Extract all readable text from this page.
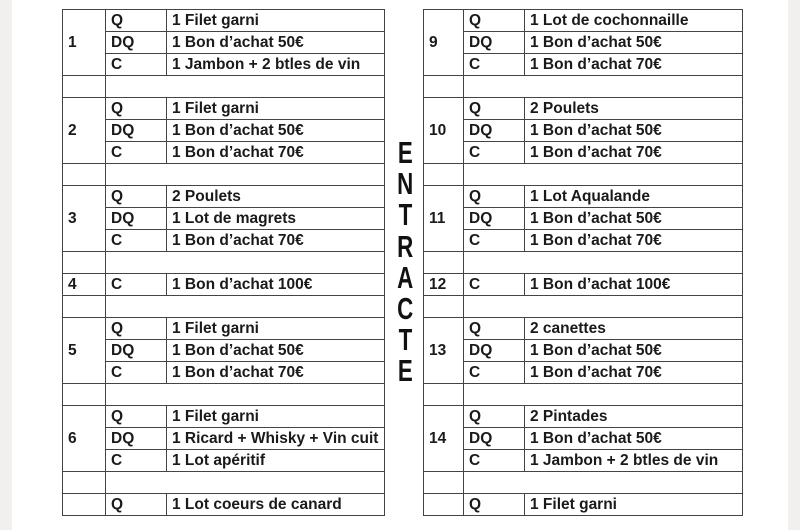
1	Q	1 Filet garni
	DQ	1 Bon d’achat 50€
	C	1 Jambon + 2 btles de vin

2	Q	1 Filet garni
	DQ	1 Bon d’achat 50€
	C	1 Bon d’achat 70€

3	Q	2 Poulets
	DQ	1 Lot de magrets
	C	1 Bon d’achat 70€

4	C	1 Bon d’achat 100€

5	Q	1 Filet garni
	DQ	1 Bon d’achat 50€
	C	1 Bon d’achat 70€

6	Q	1 Filet garni
	DQ	1 Ricard + Whisky + Vin cuit
	C	1 Lot apéritif

	Q	1 Lot coeurs de canard
E
N
T
R
A
C
T
E
9	Q	1 Lot de cochonnaille
	DQ	1 Bon d’achat 50€
	C	1 Bon d’achat 70€

10	Q	2 Poulets
	DQ	1 Bon d’achat 50€
	C	1 Bon d’achat 70€

11	Q	1 Lot Aqualande
	DQ	1 Bon d’achat 50€
	C	1 Bon d’achat 70€

12	C	1 Bon d’achat 100€

13	Q	2 canettes
	DQ	1 Bon d’achat 50€
	C	1 Bon d’achat 70€

14	Q	2 Pintades
	DQ	1 Bon d’achat 50€
	C	1 Jambon + 2 btles de vin

	Q	1 Filet garni
